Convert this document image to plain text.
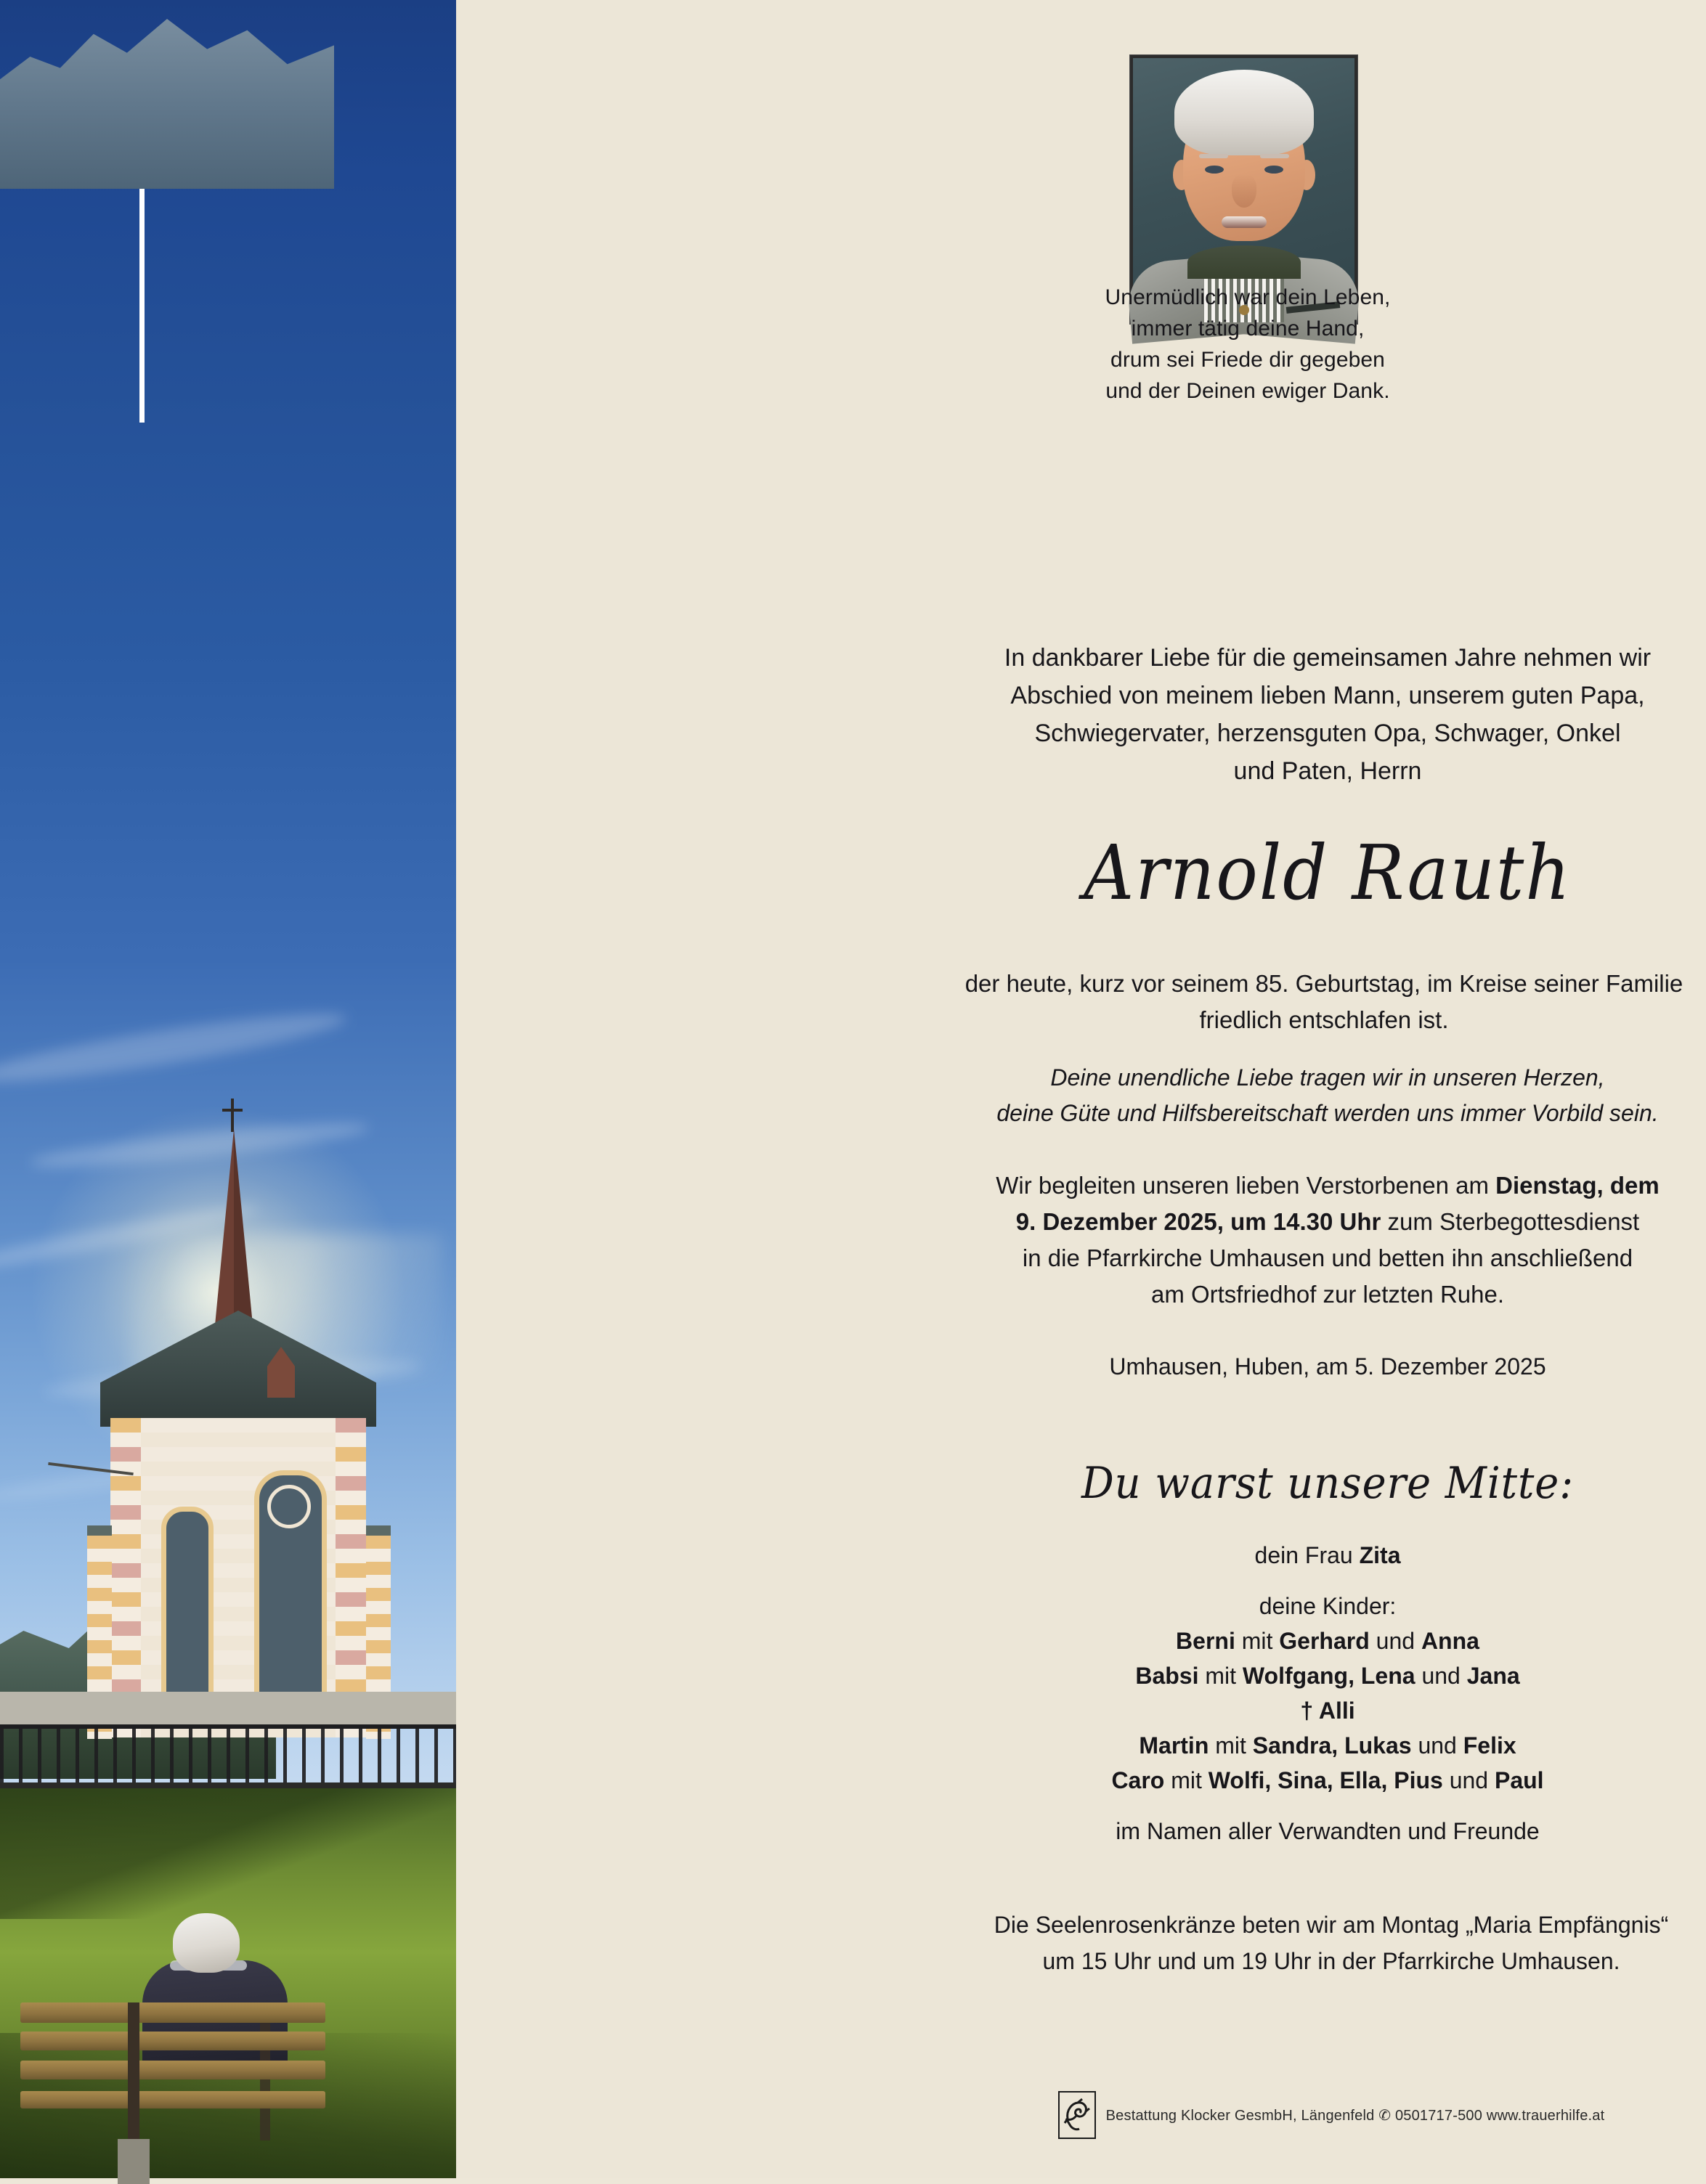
Unermüdlich war dein Leben,
immer tätig deine Hand,
drum sei Friede dir gegeben
und der Deinen ewiger Dank.
In dankbarer Liebe für die gemeinsamen Jahre nehmen wir
Abschied von meinem lieben Mann, unserem guten Papa,
Schwiegervater, herzensguten Opa, Schwager, Onkel
und Paten, Herrn
Arnold Rauth
der heute, kurz vor seinem 85. Geburtstag, im Kreise seiner Familie
friedlich entschlafen ist.
Deine unendliche Liebe tragen wir in unseren Herzen,
deine Güte und Hilfsbereitschaft werden uns immer Vorbild sein.
Wir begleiten unseren lieben Verstorbenen am Dienstag, dem
9. Dezember 2025, um 14.30 Uhr zum Sterbegottesdienst
in die Pfarrkirche Umhausen und betten ihn anschließend
am Ortsfriedhof zur letzten Ruhe.
Umhausen, Huben, am 5. Dezember 2025
Du warst unsere Mitte:
dein Frau Zita
deine Kinder:
Berni mit Gerhard und Anna
Babsi mit Wolfgang, Lena und Jana
† Alli
Martin mit Sandra, Lukas und Felix
Caro mit Wolfi, Sina, Ella, Pius und Paul
im Namen aller Verwandten und Freunde
Die Seelenrosenkränze beten wir am Montag „Maria Empfängnis“
um 15 Uhr und um 19 Uhr in der Pfarrkirche Umhausen.
Bestattung Klocker GesmbH, Längenfeld ✆ 0501717-500 www.trauerhilfe.at
